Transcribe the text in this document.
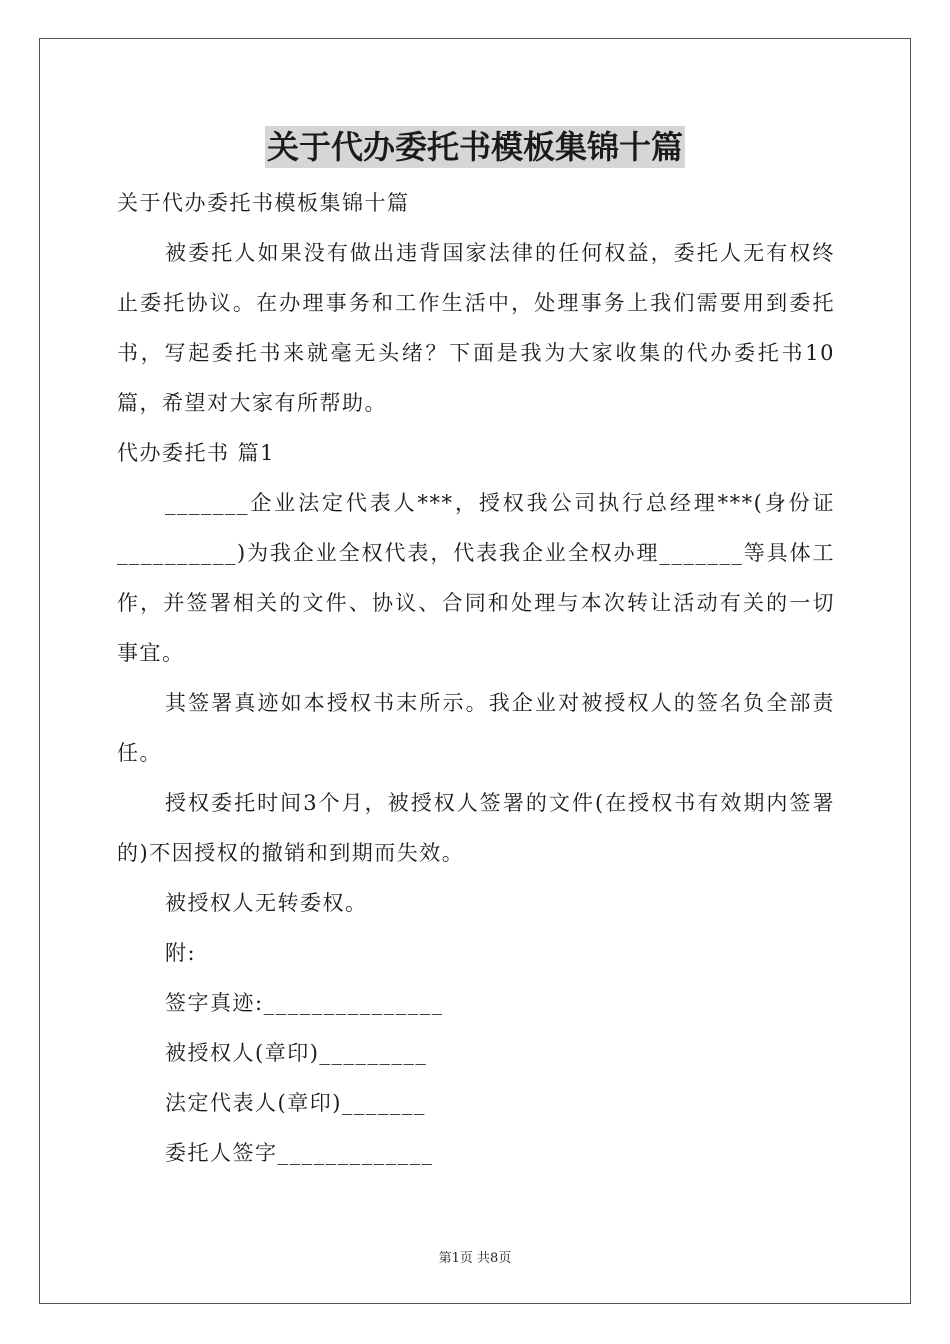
关于代办委托书模板集锦十篇

关于代办委托书模板集锦十篇

被委托人如果没有做出违背国家法律的任何权益，委托人无有权终止委托协议。在办理事务和工作生活中，处理事务上我们需要用到委托书，写起委托书来就毫无头绪？下面是我为大家收集的代办委托书10篇，希望对大家有所帮助。

代办委托书 篇1

_______企业法定代表人***，授权我公司执行总经理***(身份证__________)为我企业全权代表，代表我企业全权办理_______等具体工作，并签署相关的文件、协议、合同和处理与本次转让活动有关的一切事宜。

其签署真迹如本授权书末所示。我企业对被授权人的签名负全部责任。

授权委托时间3个月，被授权人签署的文件(在授权书有效期内签署的)不因授权的撤销和到期而失效。

被授权人无转委权。

附:

签字真迹:_______________

被授权人(章印)_________

法定代表人(章印)_______

委托人签字_____________

第1页 共8页
